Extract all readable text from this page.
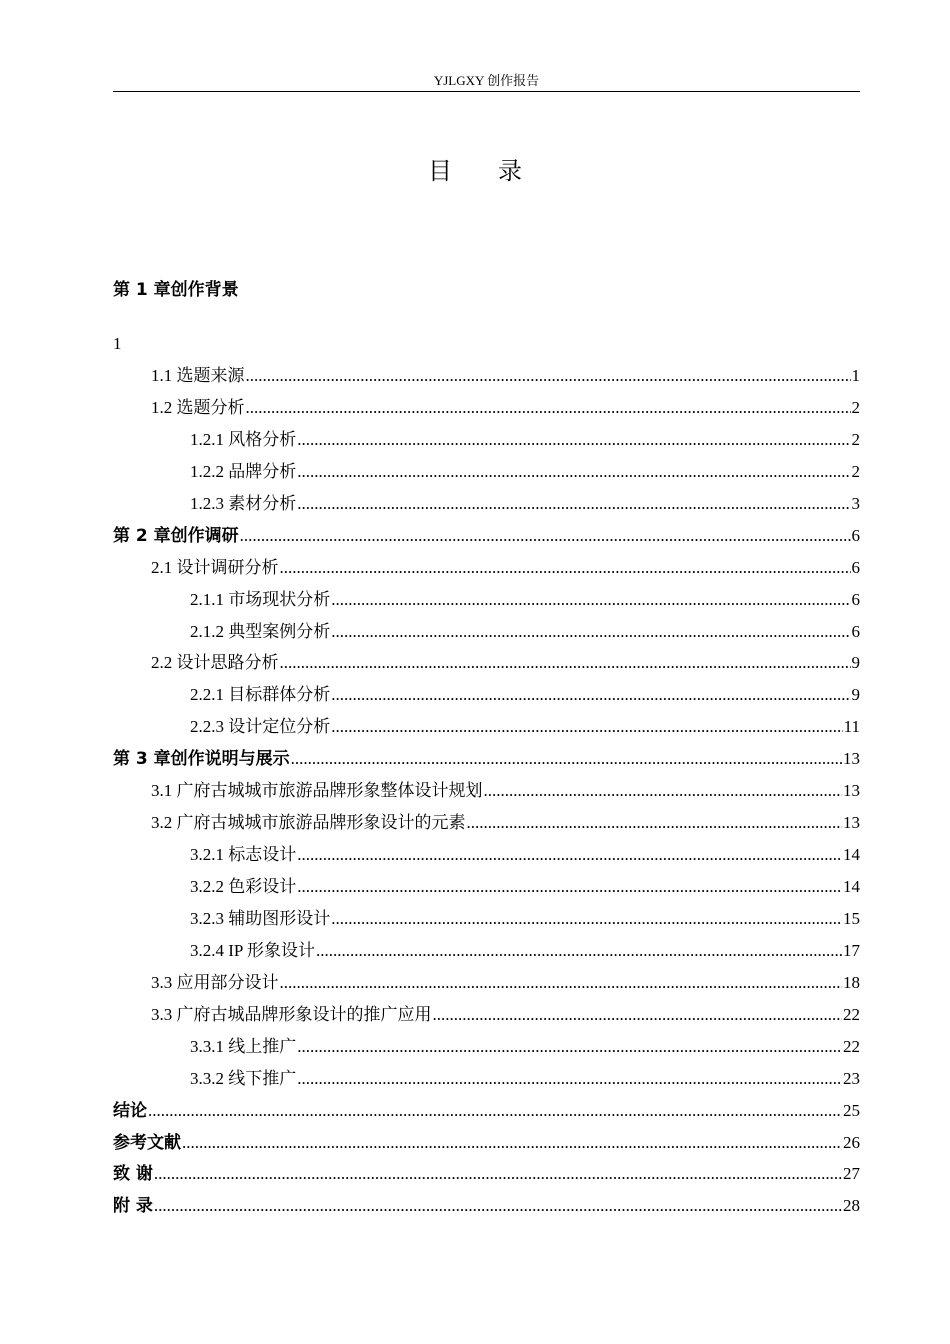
YJLGXY 创作报告
目 录
第 1 章创作背景
1
1.1 选题来源 .....	1
1.2 选题分析 .....	2
1.2.1 风格分析 .....	2
1.2.2 品牌分析 .....	2
1.2.3 素材分析 .....	3
第 2 章创作调研 .....	6
2.1 设计调研分析 .....	6
2.1.1 市场现状分析 .....	6
2.1.2 典型案例分析 .....	6
2.2 设计思路分析 .....	9
2.2.1 目标群体分析 .....	9
2.2.3 设计定位分析 .....	11
第 3 章创作说明与展示 .....	13
3.1 广府古城城市旅游品牌形象整体设计规划 .....	13
3.2 广府古城城市旅游品牌形象设计的元素 .....	13
3.2.1 标志设计 .....	14
3.2.2 色彩设计 .....	14
3.2.3 辅助图形设计 .....	15
3.2.4 IP 形象设计 .....	17
3.3 应用部分设计 .....	18
3.3 广府古城品牌形象设计的推广应用 .....	22
3.3.1 线上推广 .....	22
3.3.2 线下推广 .....	23
结论 .....	25
参考文献 .....	26
致 谢 .....	27
附 录 .....	28
